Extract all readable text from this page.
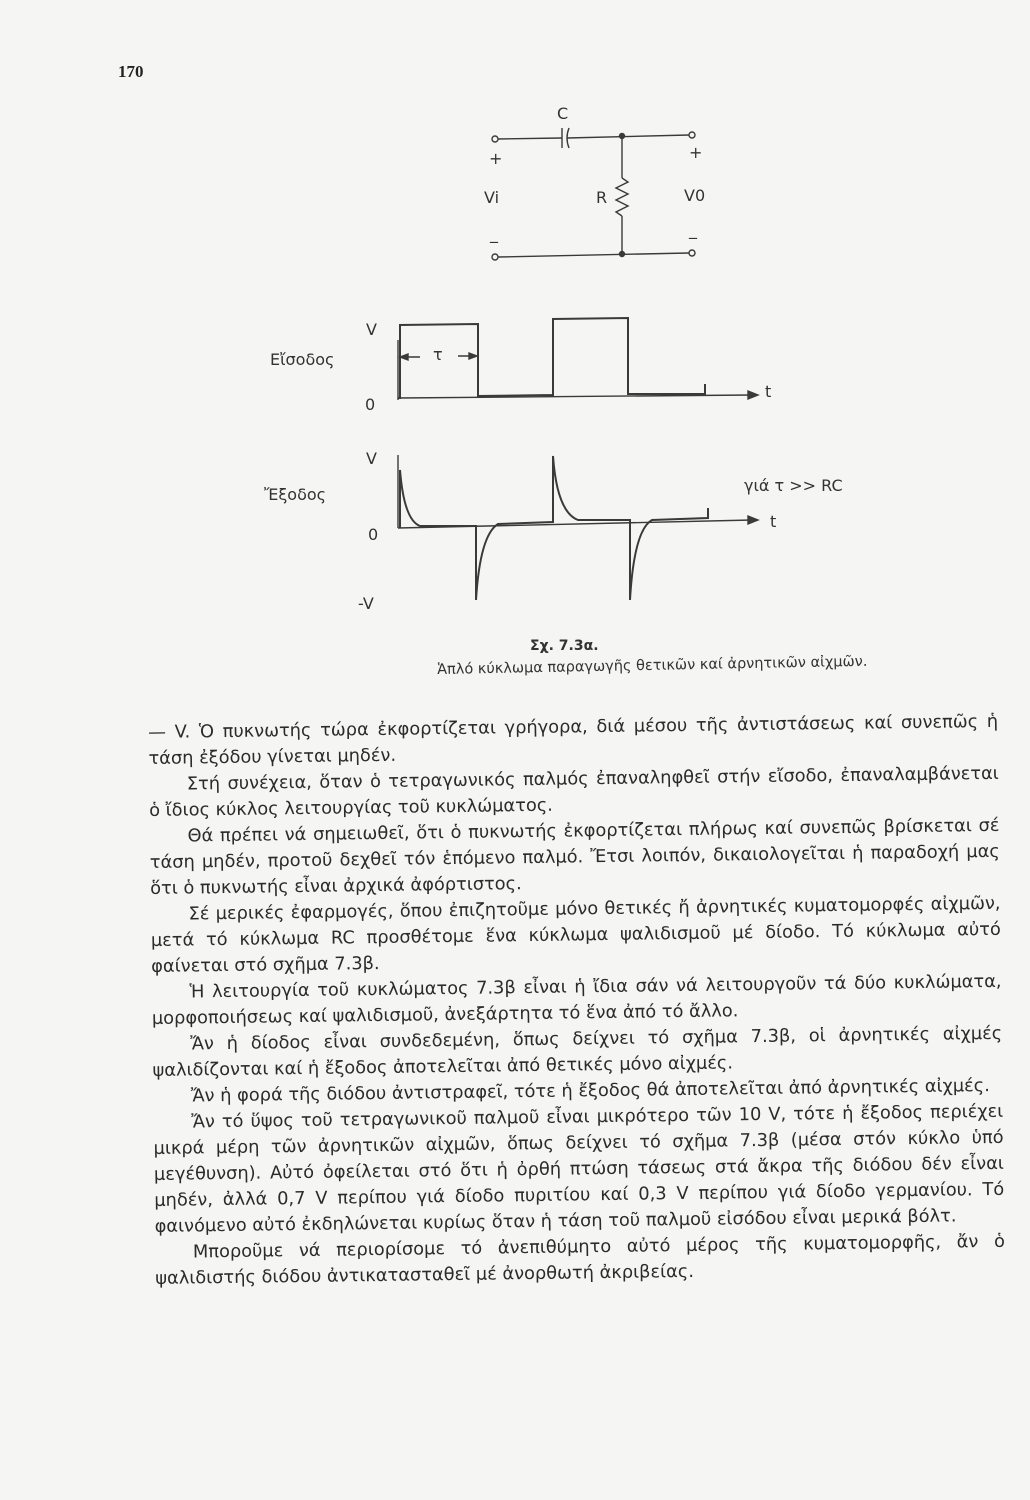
170
C
+	+
Vi	R	V0
_	_
V
Εἴσοδος
0
τ
t
V
Ἔξοδος	γιά τ >> RC
0
t
-V
Σχ. 7.3α.
Ἁπλό κύκλωμα παραγωγῆς θετικῶν καί ἀρνητικῶν αἰχμῶν.

— V. Ὁ πυκνωτής τώρα ἐκφορτίζεται γρήγορα, διά μέσου τῆς ἀντιστάσεως καί συνεπῶς ἡ τάση ἐξόδου γίνεται μηδέν.

Στή συνέχεια, ὅταν ὁ τετραγωνικός παλμός ἐπαναληφθεῖ στήν εἴσοδο, ἐπαναλαμβάνεται ὁ ἴδιος κύκλος λειτουργίας τοῦ κυκλώματος.

Θά πρέπει νά σημειωθεῖ, ὅτι ὁ πυκνωτής ἐκφορτίζεται πλήρως καί συνεπῶς βρίσκεται σέ τάση μηδέν, προτοῦ δεχθεῖ τόν ἑπόμενο παλμό. Ἔτσι λοιπόν, δικαιολογεῖται ἡ παραδοχή μας ὅτι ὁ πυκνωτής εἶναι ἀρχικά ἀφόρτιστος.

Σέ μερικές ἐφαρμογές, ὅπου ἐπιζητοῦμε μόνο θετικές ἤ ἀρνητικές κυματομορφές αἰχμῶν, μετά τό κύκλωμα RC προσθέτομε ἕνα κύκλωμα ψαλιδισμοῦ μέ δίοδο. Τό κύκλωμα αὐτό φαίνεται στό σχῆμα 7.3β.

Ἡ λειτουργία τοῦ κυκλώματος 7.3β εἶναι ἡ ἴδια σάν νά λειτουργοῦν τά δύο κυκλώματα, μορφοποιήσεως καί ψαλιδισμοῦ, ἀνεξάρτητα τό ἕνα ἀπό τό ἄλλο.

Ἄν ἡ δίοδος εἶναι συνδεδεμένη, ὅπως δείχνει τό σχῆμα 7.3β, οἱ ἀρνητικές αἰχμές ψαλιδίζονται καί ἡ ἔξοδος ἀποτελεῖται ἀπό θετικές μόνο αἰχμές.

Ἄν ἡ φορά τῆς διόδου ἀντιστραφεῖ, τότε ἡ ἔξοδος θά ἀποτελεῖται ἀπό ἀρνητικές αἰχμές.

Ἄν τό ὕψος τοῦ τετραγωνικοῦ παλμοῦ εἶναι μικρότερο τῶν 10 V, τότε ἡ ἔξοδος περιέχει μικρά μέρη τῶν ἀρνητικῶν αἰχμῶν, ὅπως δείχνει τό σχῆμα 7.3β (μέσα στόν κύκλο ὑπό μεγέθυνση). Αὐτό ὀφείλεται στό ὅτι ἡ ὀρθή πτώση τάσεως στά ἄκρα τῆς διόδου δέν εἶναι μηδέν, ἀλλά 0,7 V περίπου γιά δίοδο πυριτίου καί 0,3 V περίπου γιά δίοδο γερμανίου. Τό φαινόμενο αὐτό ἐκδηλώνεται κυρίως ὅταν ἡ τάση τοῦ παλμοῦ εἰσόδου εἶναι μερικά βόλτ.

Μποροῦμε νά περιορίσομε τό ἀνεπιθύμητο αὐτό μέρος τῆς κυματομορφῆς, ἄν ὁ ψαλιδιστής διόδου ἀντικατασταθεῖ μέ ἀνορθωτή ἀκριβείας.
